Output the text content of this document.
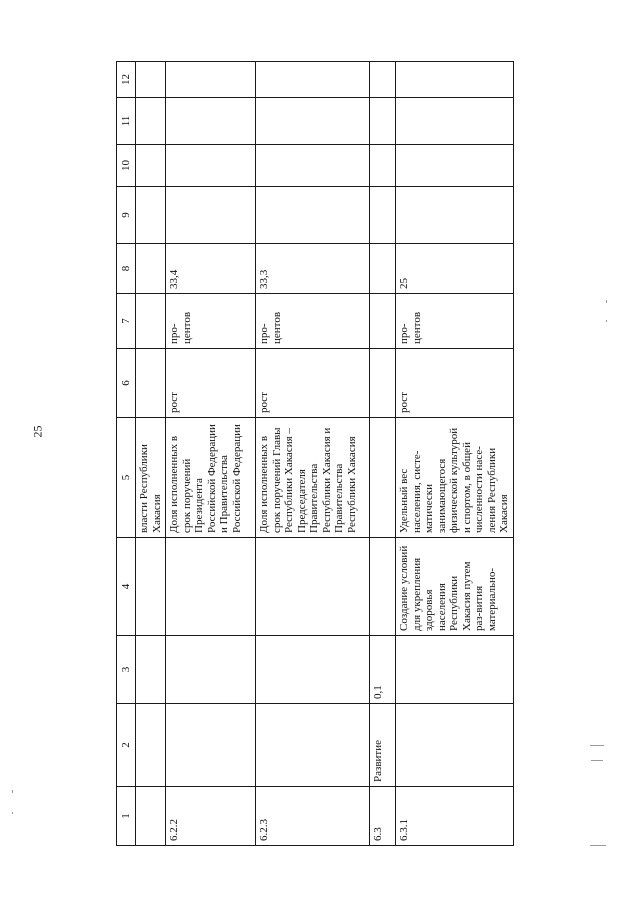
25
1	2	3	4	5	6	7	8	9	10	11	12
				власти Республики Хакасия							
6.2.2				Доля исполненных в срок поручений Президента Российской Федерации и Правительства Российской Федерации	рост	про-центов	33,4				
6.2.3				Доля исполненных в срок поручений Главы Республики Хакасия – Председателя Правительства Республики Хакасия и Правительства Республики Хакасия	рост	про-центов	33,3				
6.3	Развитие	0,1									
6.3.1			Создание условий для укрепления здоровья населения Республики Хакасия путем раз-вития материально-	Удельный вес населения, систе-матически занимающегося физической культурой и спортом, в общей численности насе-ления Республики Хакасия	рост	про-центов	25				
